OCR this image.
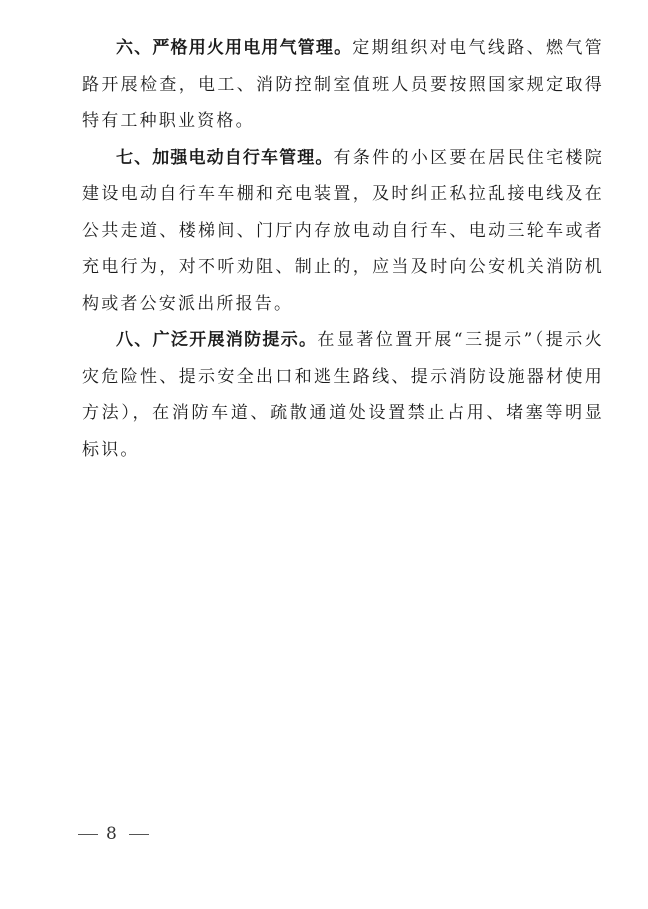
六、严格用火用电用气管理。定期组织对电气线路、燃气管路开展检查，电工、消防控制室值班人员要按照国家规定取得特有工种职业资格。

七、加强电动自行车管理。有条件的小区要在居民住宅楼院建设电动自行车车棚和充电装置，及时纠正私拉乱接电线及在公共走道、楼梯间、门厅内存放电动自行车、电动三轮车或者充电行为，对不听劝阻、制止的，应当及时向公安机关消防机构或者公安派出所报告。

八、广泛开展消防提示。在显著位置开展“三提示”（提示火灾危险性、提示安全出口和逃生路线、提示消防设施器材使用方法），在消防车道、疏散通道处设置禁止占用、堵塞等明显标识。

8
